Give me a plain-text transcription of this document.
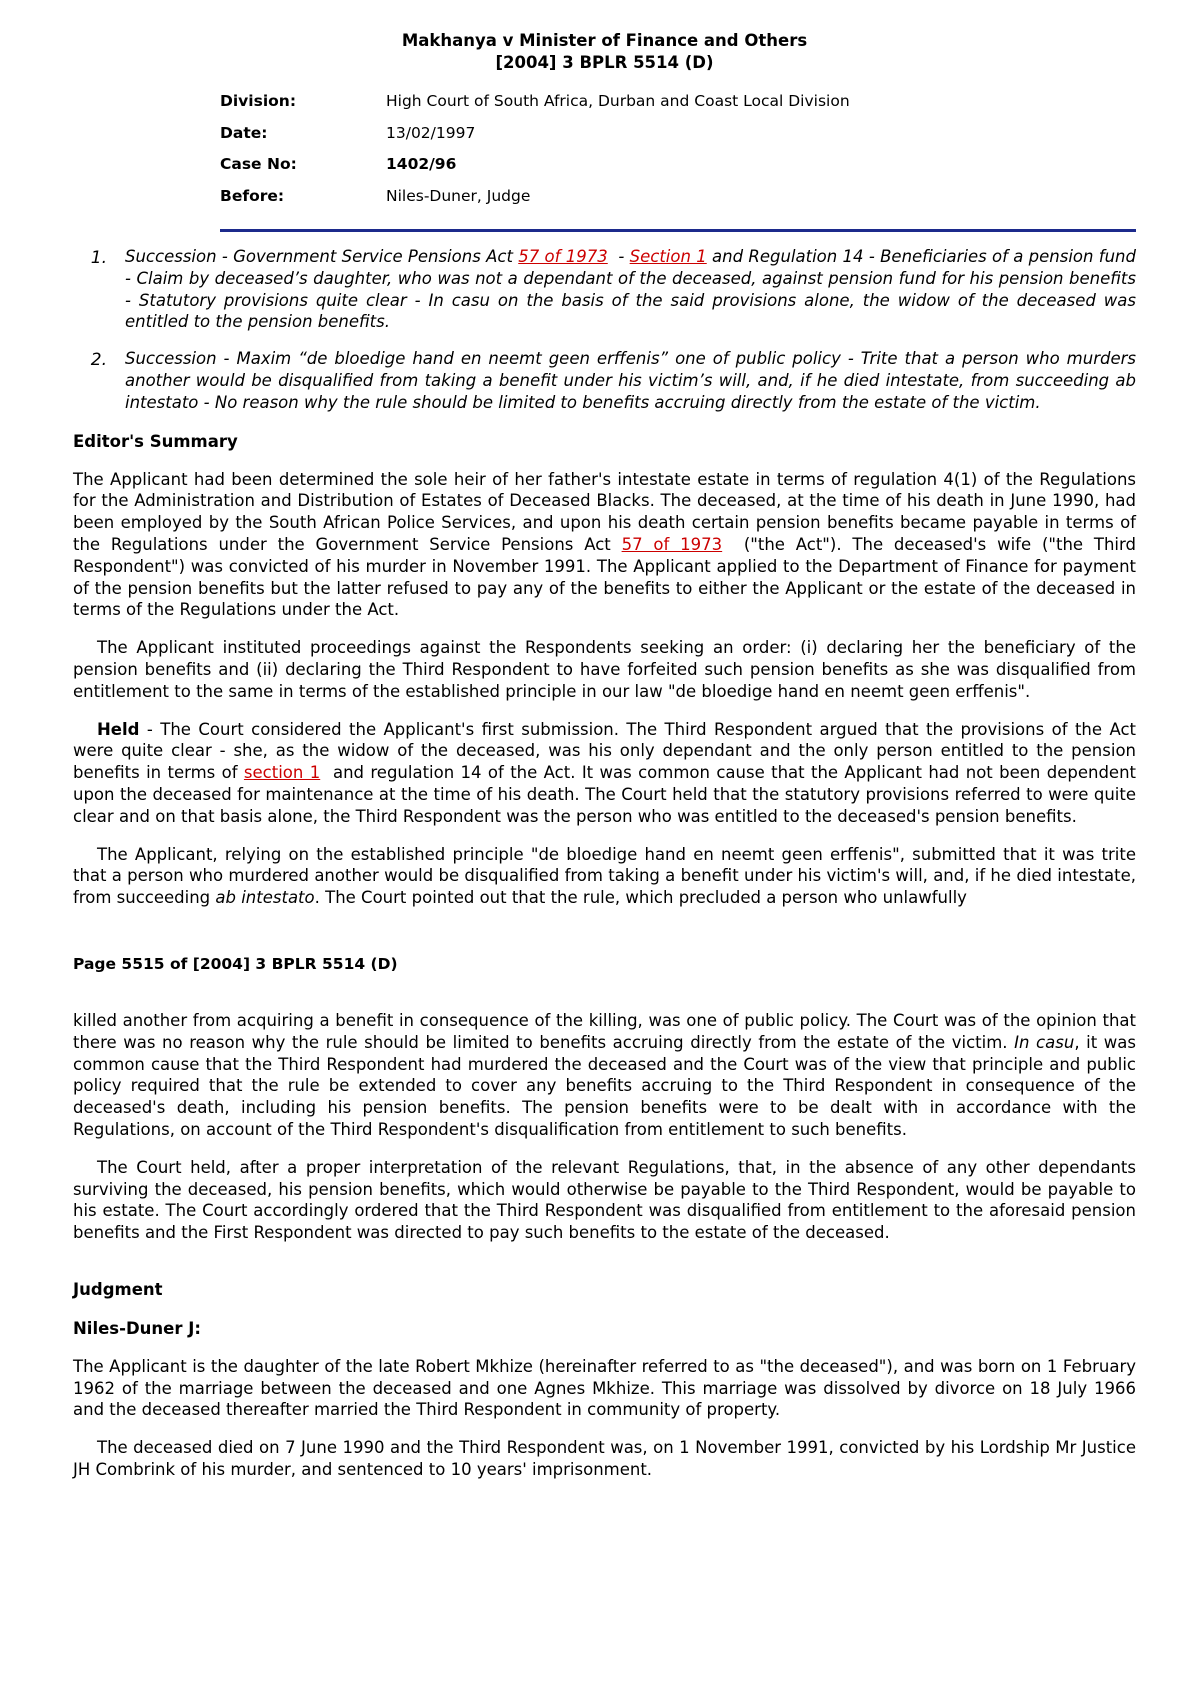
Makhanya v Minister of Finance and Others
[2004] 3 BPLR 5514 (D)
Division:	High Court of South Africa, Durban and Coast Local Division
Date:	13/02/1997
Case No:	1402/96
Before:	Niles-Duner, Judge
1.	Succession - Government Service Pensions Act 57 of 1973  - Section 1 and Regulation 14 - Beneficiaries of a pension fund - Claim by deceased’s daughter, who was not a dependant of the deceased, against pension fund for his pension benefits - Statutory provisions quite clear - In casu on the basis of the said provisions alone, the widow of the deceased was entitled to the pension benefits.
2.	Succession - Maxim “de bloedige hand en neemt geen erffenis” one of public policy - Trite that a person who murders another would be disqualified from taking a benefit under his victim’s will, and, if he died intestate, from succeeding ab intestato - No reason why the rule should be limited to benefits accruing directly from the estate of the victim.
Editor's Summary

The Applicant had been determined the sole heir of her father's intestate estate in terms of regulation 4(1) of the Regulations for the Administration and Distribution of Estates of Deceased Blacks. The deceased, at the time of his death in June 1990, had been employed by the South African Police Services, and upon his death certain pension benefits became payable in terms of the Regulations under the Government Service Pensions Act 57 of 1973  ("the Act"). The deceased's wife ("the Third Respondent") was convicted of his murder in November 1991. The Applicant applied to the Department of Finance for payment of the pension benefits but the latter refused to pay any of the benefits to either the Applicant or the estate of the deceased in terms of the Regulations under the Act.

The Applicant instituted proceedings against the Respondents seeking an order: (i) declaring her the beneficiary of the pension benefits and (ii) declaring the Third Respondent to have forfeited such pension benefits as she was disqualified from entitlement to the same in terms of the established principle in our law "de bloedige hand en neemt geen erffenis".

Held - The Court considered the Applicant's first submission. The Third Respondent argued that the provisions of the Act were quite clear - she, as the widow of the deceased, was his only dependant and the only person entitled to the pension benefits in terms of section 1  and regulation 14 of the Act. It was common cause that the Applicant had not been dependent upon the deceased for maintenance at the time of his death. The Court held that the statutory provisions referred to were quite clear and on that basis alone, the Third Respondent was the person who was entitled to the deceased's pension benefits.

The Applicant, relying on the established principle "de bloedige hand en neemt geen erffenis", submitted that it was trite that a person who murdered another would be disqualified from taking a benefit under his victim's will, and, if he died intestate, from succeeding ab intestato. The Court pointed out that the rule, which precluded a person who unlawfully

Page 5515 of [2004] 3 BPLR 5514 (D)

killed another from acquiring a benefit in consequence of the killing, was one of public policy. The Court was of the opinion that there was no reason why the rule should be limited to benefits accruing directly from the estate of the victim. In casu, it was common cause that the Third Respondent had murdered the deceased and the Court was of the view that principle and public policy required that the rule be extended to cover any benefits accruing to the Third Respondent in consequence of the deceased's death, including his pension benefits. The pension benefits were to be dealt with in accordance with the Regulations, on account of the Third Respondent's disqualification from entitlement to such benefits.

The Court held, after a proper interpretation of the relevant Regulations, that, in the absence of any other dependants surviving the deceased, his pension benefits, which would otherwise be payable to the Third Respondent, would be payable to his estate. The Court accordingly ordered that the Third Respondent was disqualified from entitlement to the aforesaid pension benefits and the First Respondent was directed to pay such benefits to the estate of the deceased.

Judgment
Niles-Duner J:

The Applicant is the daughter of the late Robert Mkhize (hereinafter referred to as "the deceased"), and was born on 1 February 1962 of the marriage between the deceased and one Agnes Mkhize. This marriage was dissolved by divorce on 18 July 1966 and the deceased thereafter married the Third Respondent in community of property.

The deceased died on 7 June 1990 and the Third Respondent was, on 1 November 1991, convicted by his Lordship Mr Justice JH Combrink of his murder, and sentenced to 10 years' imprisonment.
